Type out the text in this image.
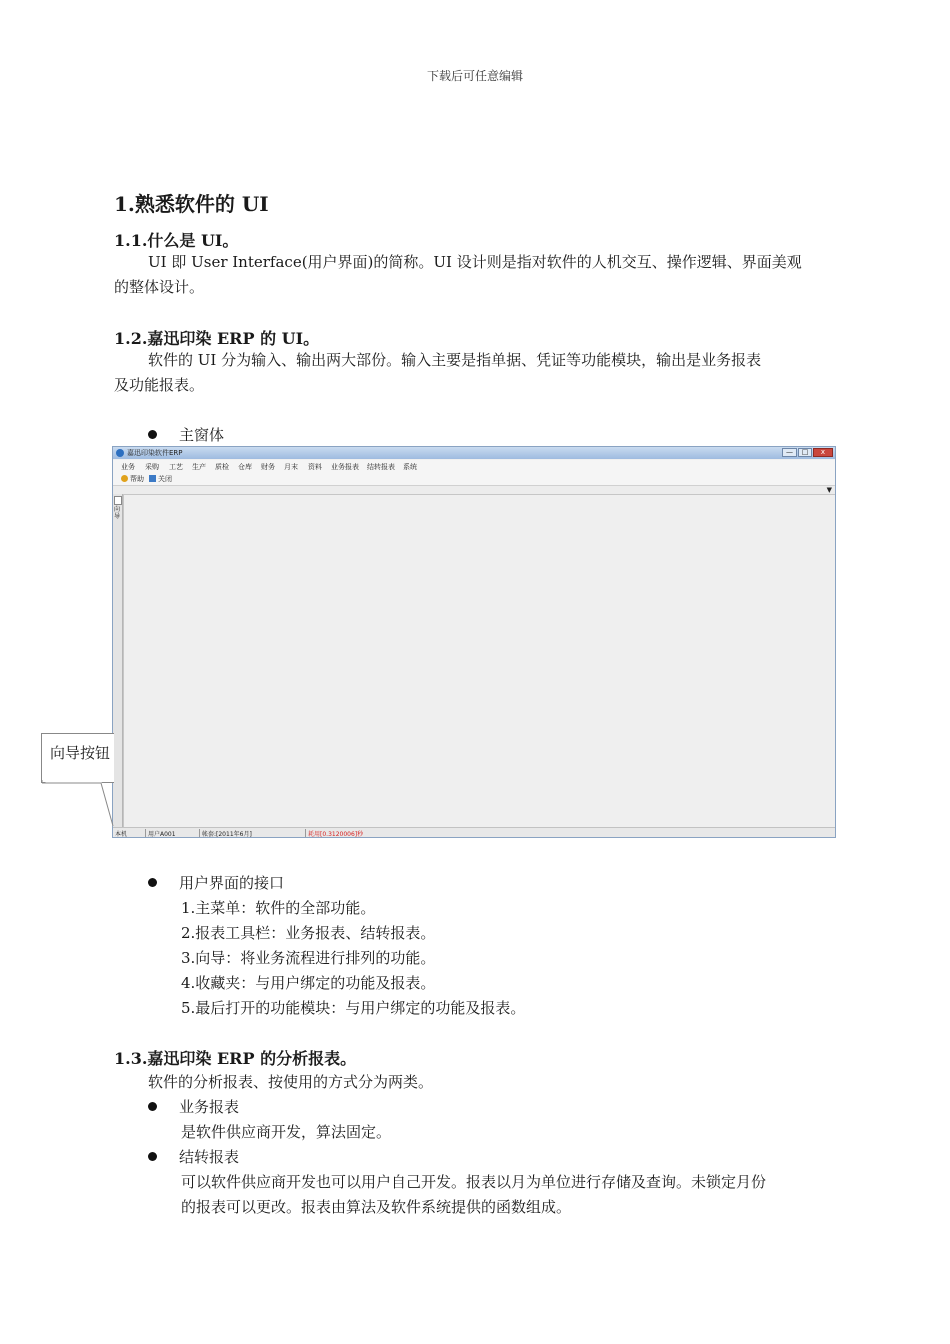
下载后可任意编辑
1.熟悉软件的 UI
1.1.什么是 UI。
UI 即 User Interface(用户界面)的简称。UI 设计则是指对软件的人机交互、操作逻辑、界面美观
的整体设计。
1.2.嘉迅印染 ERP 的 UI。
软件的 UI 分为输入、输出两大部份。输入主要是指单据、凭证等功能模块，输出是业务报表
及功能报表。
主窗体
嘉迅印染软件ERP	—	□	x
业务 采购 工艺 生产 质检 仓库 财务 月末 资料 业务报表 结转报表 系统
帮助	关闭
▼
向导
本机	用户A001	帐套:[2011年6月]	耗用[0.3120006]秒
向导按钮
用户界面的接口
1.主菜单：软件的全部功能。
2.报表工具栏：业务报表、结转报表。
3.向导：将业务流程进行排列的功能。
4.收藏夹：与用户绑定的功能及报表。
5.最后打开的功能模块：与用户绑定的功能及报表。
1.3.嘉迅印染 ERP 的分析报表。
软件的分析报表、按使用的方式分为两类。
业务报表
是软件供应商开发，算法固定。
结转报表
可以软件供应商开发也可以用户自己开发。报表以月为单位进行存储及查询。未锁定月份
的报表可以更改。报表由算法及软件系统提供的函数组成。
